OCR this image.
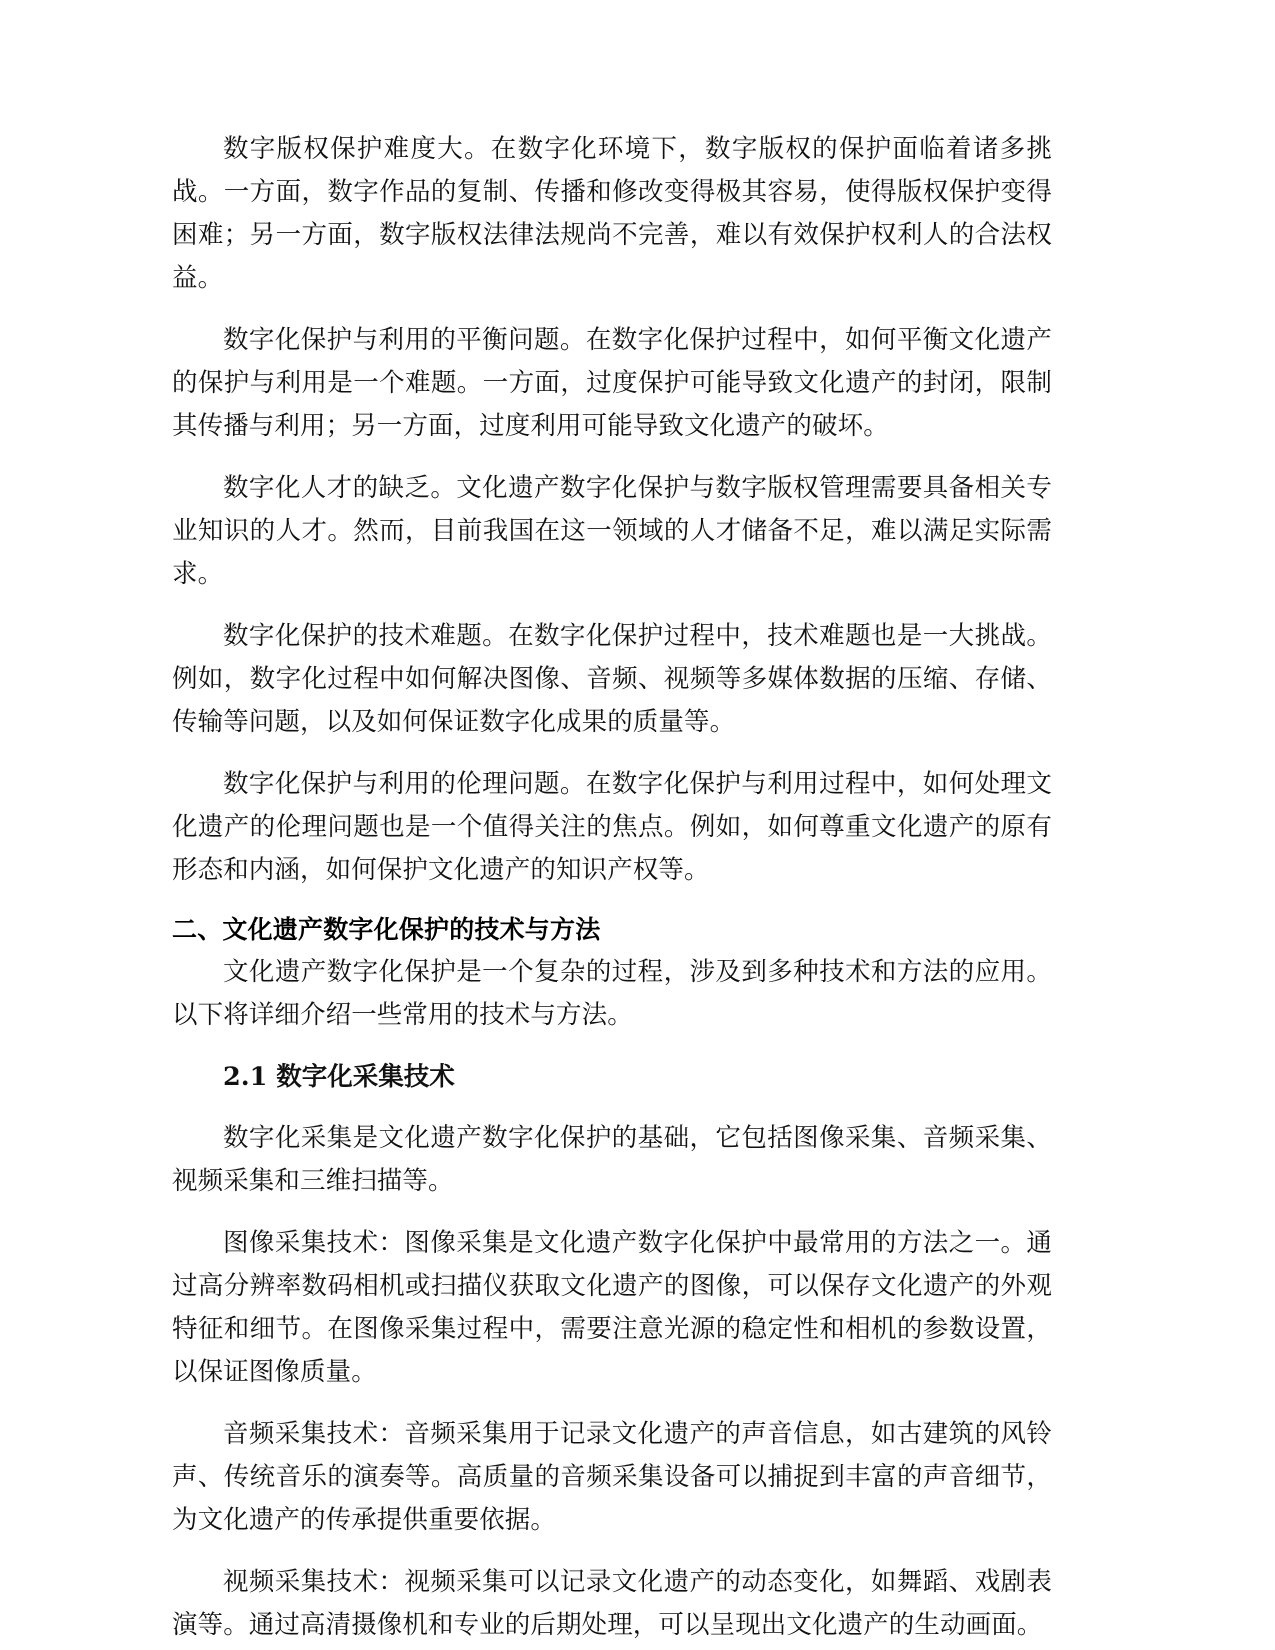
数字版权保护难度大。在数字化环境下，数字版权的保护面临着诸多挑战。一方面，数字作品的复制、传播和修改变得极其容易，使得版权保护变得困难；另一方面，数字版权法律法规尚不完善，难以有效保护权利人的合法权益。

数字化保护与利用的平衡问题。在数字化保护过程中，如何平衡文化遗产的保护与利用是一个难题。一方面，过度保护可能导致文化遗产的封闭，限制其传播与利用；另一方面，过度利用可能导致文化遗产的破坏。

数字化人才的缺乏。文化遗产数字化保护与数字版权管理需要具备相关专业知识的人才。然而，目前我国在这一领域的人才储备不足，难以满足实际需求。

数字化保护的技术难题。在数字化保护过程中，技术难题也是一大挑战。例如，数字化过程中如何解决图像、音频、视频等多媒体数据的压缩、存储、传输等问题，以及如何保证数字化成果的质量等。

数字化保护与利用的伦理问题。在数字化保护与利用过程中，如何处理文化遗产的伦理问题也是一个值得关注的焦点。例如，如何尊重文化遗产的原有形态和内涵，如何保护文化遗产的知识产权等。

二、文化遗产数字化保护的技术与方法

文化遗产数字化保护是一个复杂的过程，涉及到多种技术和方法的应用。以下将详细介绍一些常用的技术与方法。

2.1 数字化采集技术

数字化采集是文化遗产数字化保护的基础，它包括图像采集、音频采集、视频采集和三维扫描等。

图像采集技术：图像采集是文化遗产数字化保护中最常用的方法之一。通过高分辨率数码相机或扫描仪获取文化遗产的图像，可以保存文化遗产的外观特征和细节。在图像采集过程中，需要注意光源的稳定性和相机的参数设置，以保证图像质量。

音频采集技术：音频采集用于记录文化遗产的声音信息，如古建筑的风铃声、传统音乐的演奏等。高质量的音频采集设备可以捕捉到丰富的声音细节，为文化遗产的传承提供重要依据。

视频采集技术：视频采集可以记录文化遗产的动态变化，如舞蹈、戏剧表演等。通过高清摄像机和专业的后期处理，可以呈现出文化遗产的生动画面。
